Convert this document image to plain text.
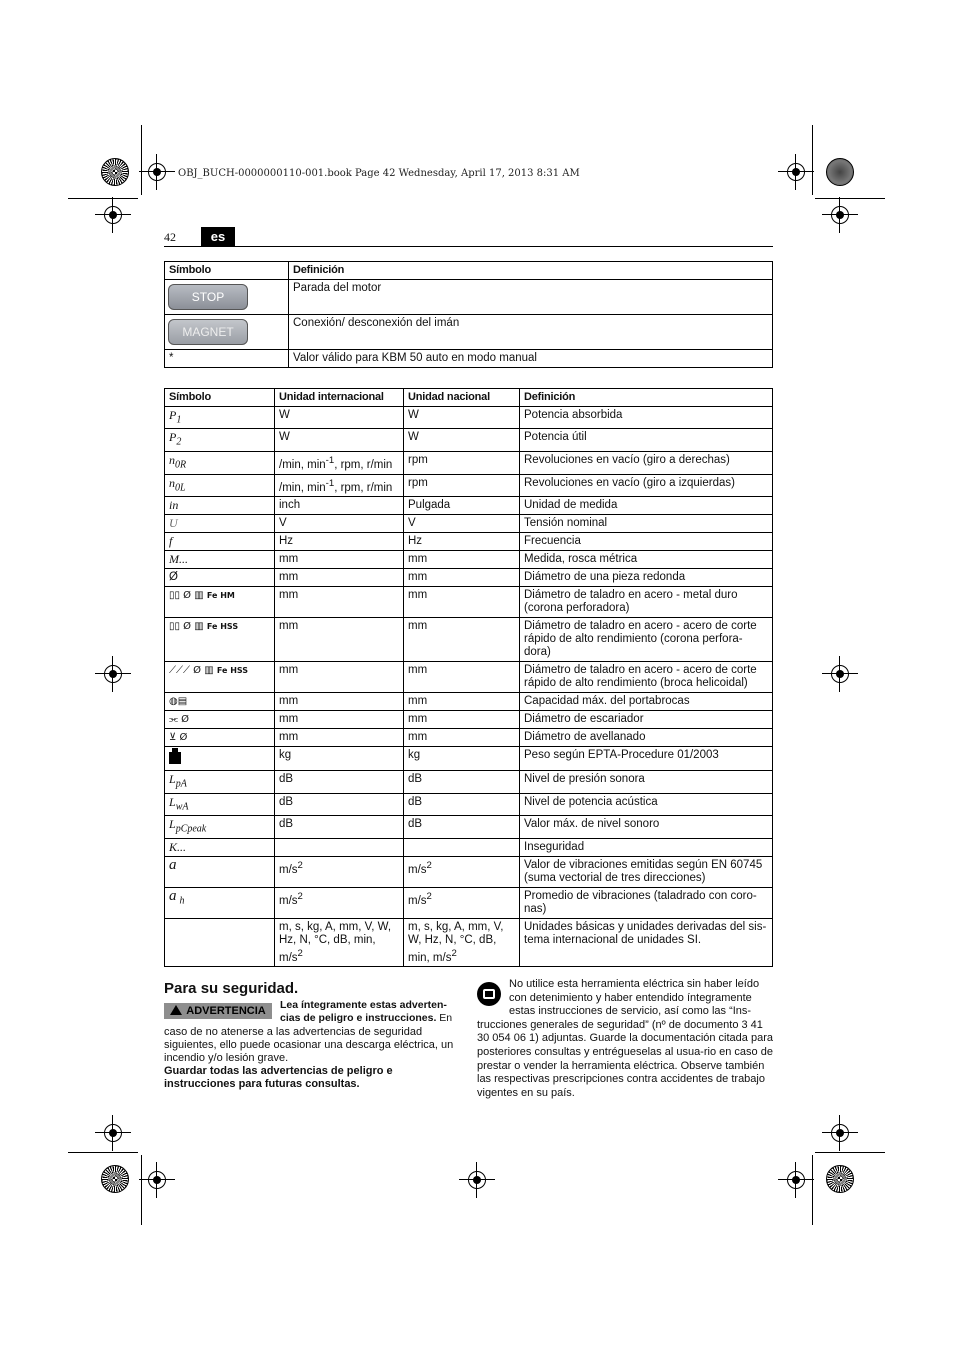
OBJ_BUCH-0000000110-001.book Page 42 Wednesday, April 17, 2013 8:31 AM
42	es
Símbolo	Definición
STOP	Parada del motor
MAGNET	Conexión/ desconexión del imán
*	Valor válido para KBM 50 auto en modo manual
Símbolo	Unidad internacional	Unidad nacional	Definición
$P_1$	W	W	Potencia absorbida
$P_2$	W	W	Potencia útil
$n_{0R}$	/min, $\min^{-1}$, rpm, r/min	rpm	Revoluciones en vacío (giro a derechas)
$n_{0L}$	/min, $\min^{-1}$, rpm, r/min	rpm	Revoluciones en vacío (giro a izquierdas)
in	inch	Pulgada	Unidad de medida
U	V	V	Tensión nominal
f	Hz	Hz	Frecuencia
M...	mm	mm	Medida, rosca métrica
Ø	mm	mm	Diámetro de una pieza redonda
▯▯ Ø ▥ Fe HM	mm	mm	Diámetro de taladro en acero - metal duro (corona perforadora)
▯▯ Ø ▥ Fe HSS	mm	mm	Diámetro de taladro en acero - acero de corte rápido de alto rendimiento (corona perfora-dora)
⟋⟋⟋ Ø ▥ Fe HSS	mm	mm	Diámetro de taladro en acero - acero de corte rápido de alto rendimiento (broca helicoidal)
◍▤	mm	mm	Capacidad máx. del portabrocas
⫘ Ø	mm	mm	Diámetro de escariador
⊻ Ø	mm	mm	Diámetro de avellanado
	kg	kg	Peso según EPTA-Procedure 01/2003
$L_{pA}$	dB	dB	Nivel de presión sonora
$L_{wA}$	dB	dB	Nivel de potencia acústica
$L_{pCpeak}$	dB	dB	Valor máx. de nivel sonoro
K...			Inseguridad
a	$m/s^2$	$m/s^2$	Valor de vibraciones emitidas según EN 60745 (suma vectorial de tres direcciones)
a $_h$	$m/s^2$	$m/s^2$	Promedio de vibraciones (taladrado con coro-nas)
	m, s, kg, A, mm, V, W, Hz, N, °C, dB, min, $m/s^2$	m, s, kg, A, mm, V, W, Hz, N, °C, dB, min, $m/s^2$	Unidades básicas y unidades derivadas del sis-tema internacional de unidades SI.
Para su seguridad.
ADVERTENCIA	Lea íntegramente estas adverten-cias de peligro e instrucciones. En
caso de no atenerse a las advertencias de seguridad siguientes, ello puede ocasionar una descarga eléctrica, un incendio y/o lesión grave.
Guardar todas las advertencias de peligro e instrucciones para futuras consultas.
No utilice esta herramienta eléctrica sin haber leído con detenimiento y haber entendido íntegramente estas instrucciones de servicio, así como las “Ins-trucciones generales de seguridad” (nº de documento 3 41 30 054 06 1) adjuntas. Guarde la documentación citada para posteriores consultas y entrégueselas al usua-rio en caso de prestar o vender la herramienta eléctrica. Observe también las respectivas prescripciones contra accidentes de trabajo vigentes en su país.
